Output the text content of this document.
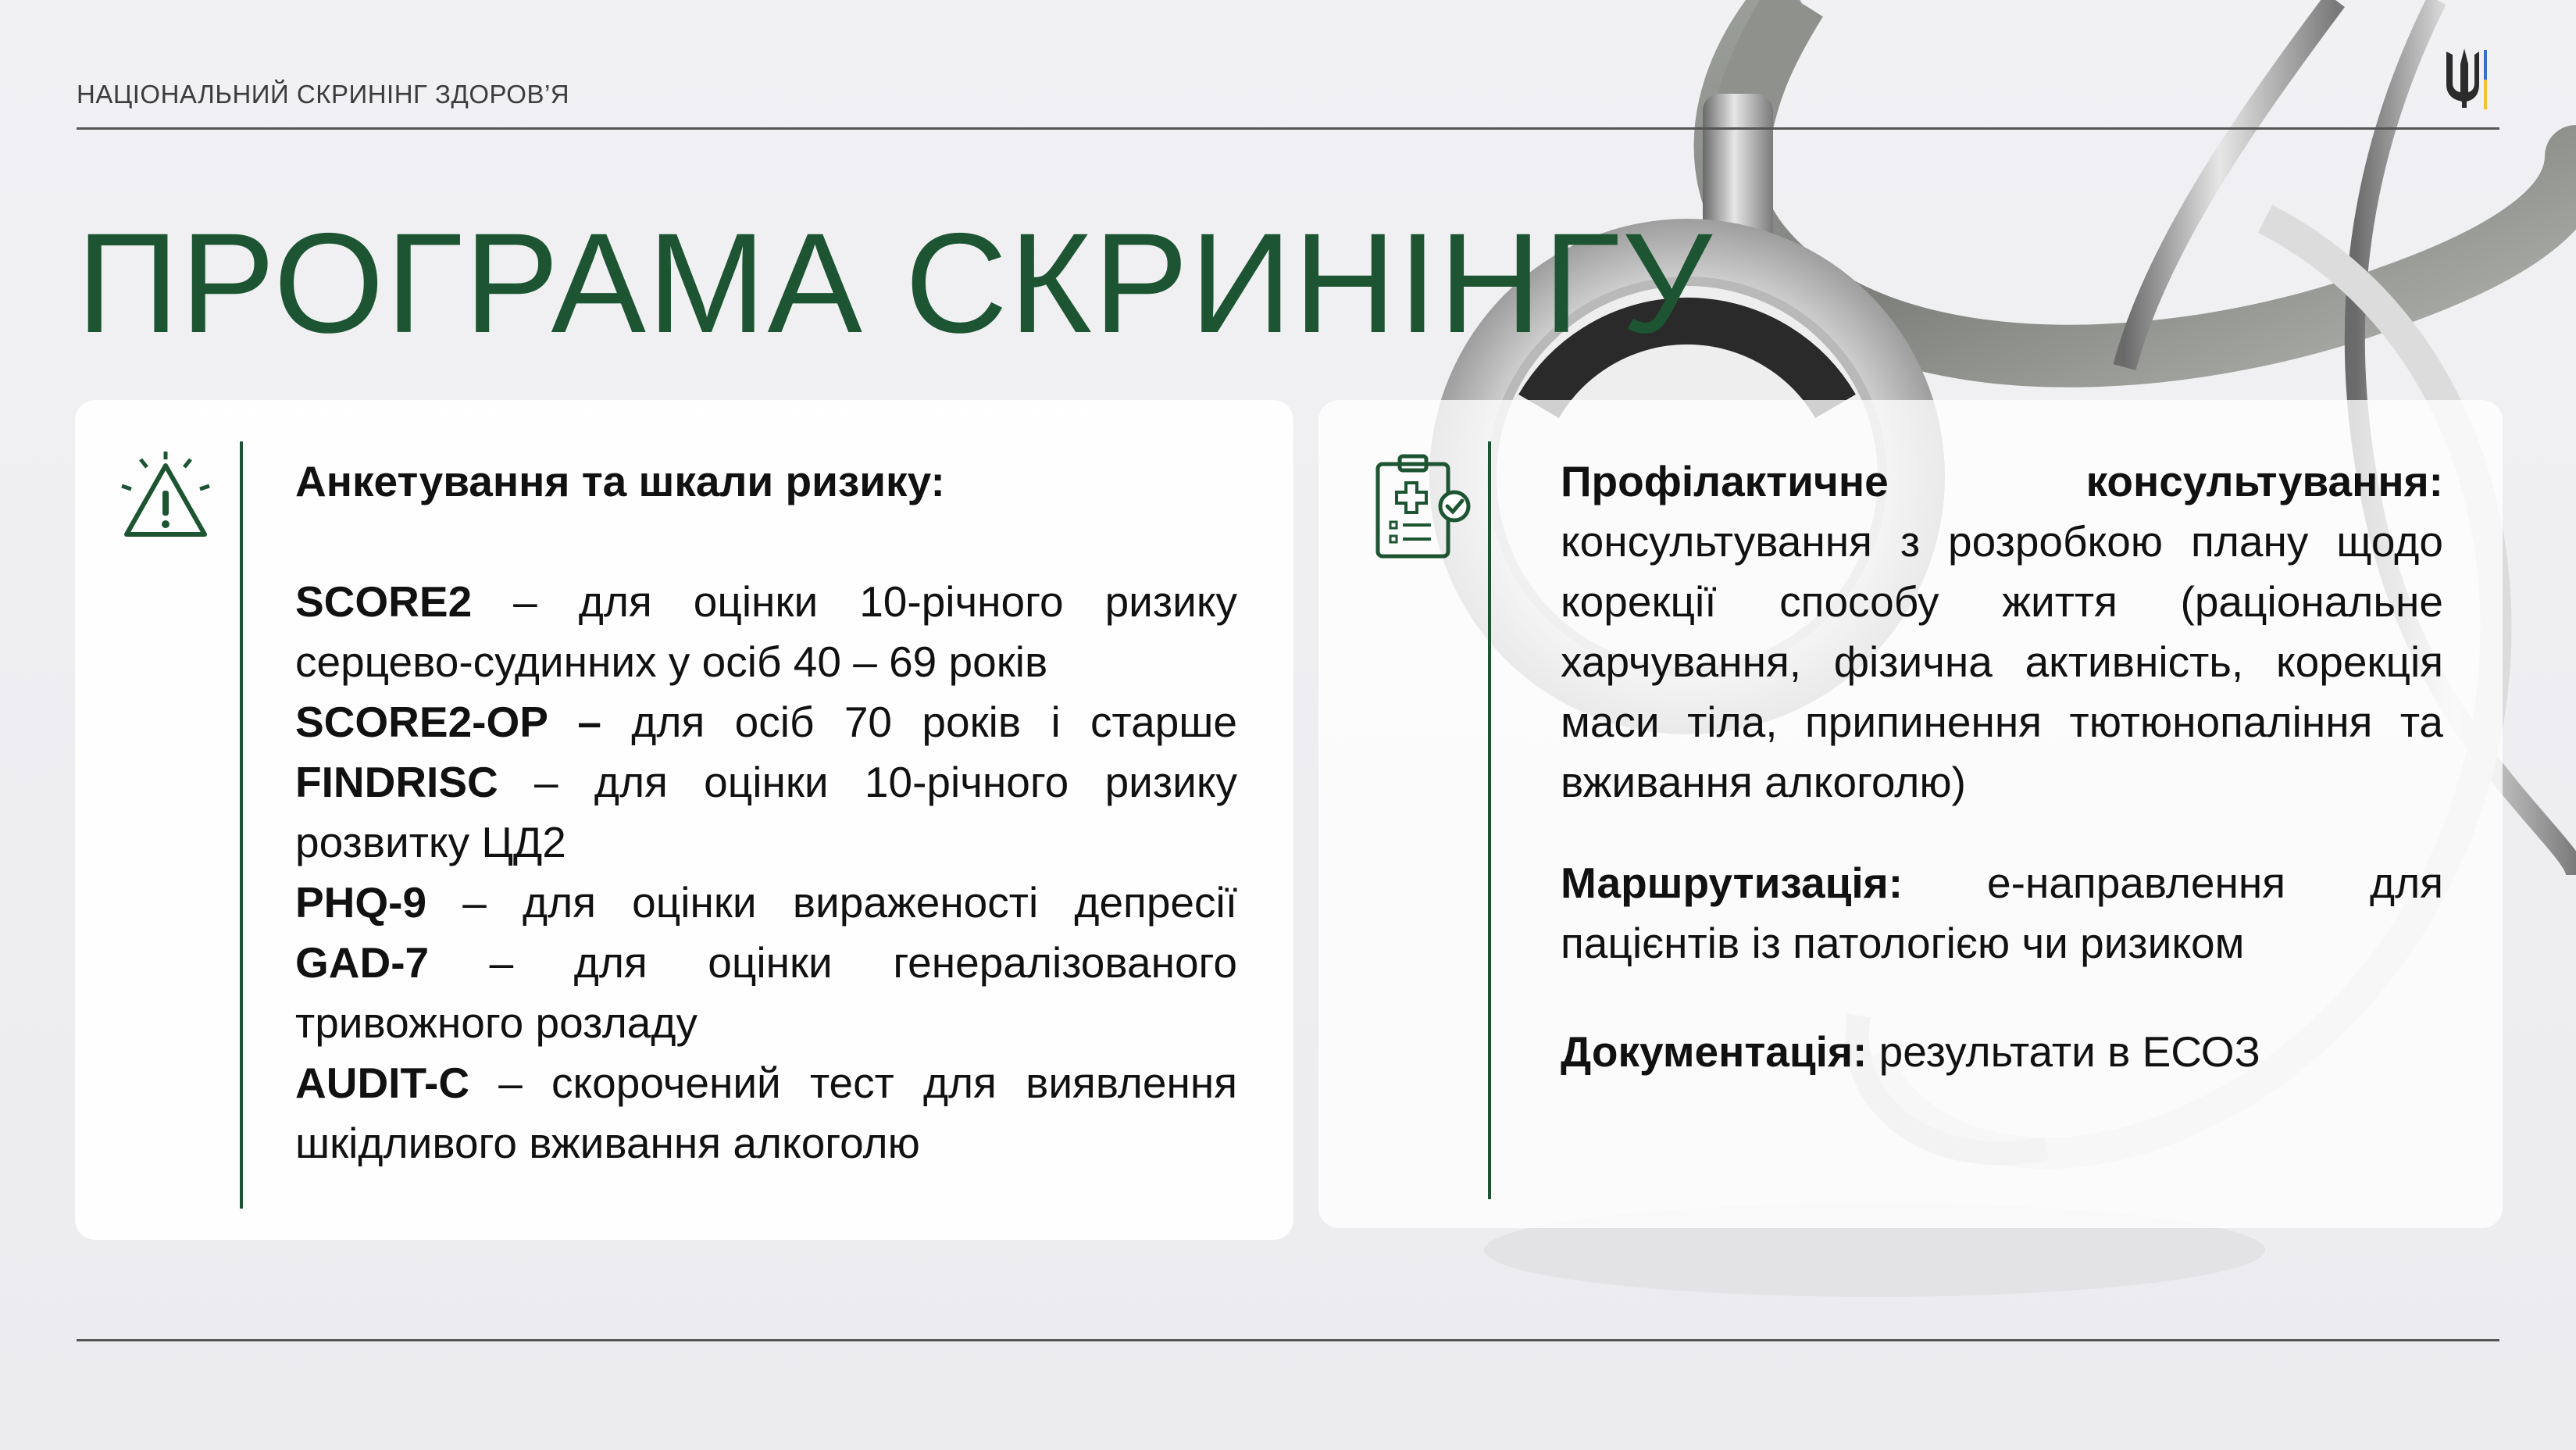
НАЦІОНАЛЬНИЙ СКРИНІНГ ЗДОРОВ’Я
ПРОГРАМА СКРИНІНГУ

Анкетування та шкали ризику:

SCORE2 – для оцінки 10-річного ризику серцево-судинних у осіб 40 – 69 років

SCORE2-OP – для осіб 70 років і старше

FINDRISC – для оцінки 10-річного ризику розвитку ЦД2

PHQ-9 – для оцінки вираженості депресії

GAD-7 – для оцінки генералізованого тривожного розладу

AUDIT-C – скорочений тест для виявлення шкідливого вживання алкоголю

Профілактичне консультування: консультування з розробкою плану щодо корекції способу життя (раціональне харчування, фізична активність, корекція маси тіла, припинення тютюнопаління та вживання алкоголю)

Маршрутизація: е-направлення для пацієнтів із патологією чи ризиком

Документація: результати в ЕСОЗ
